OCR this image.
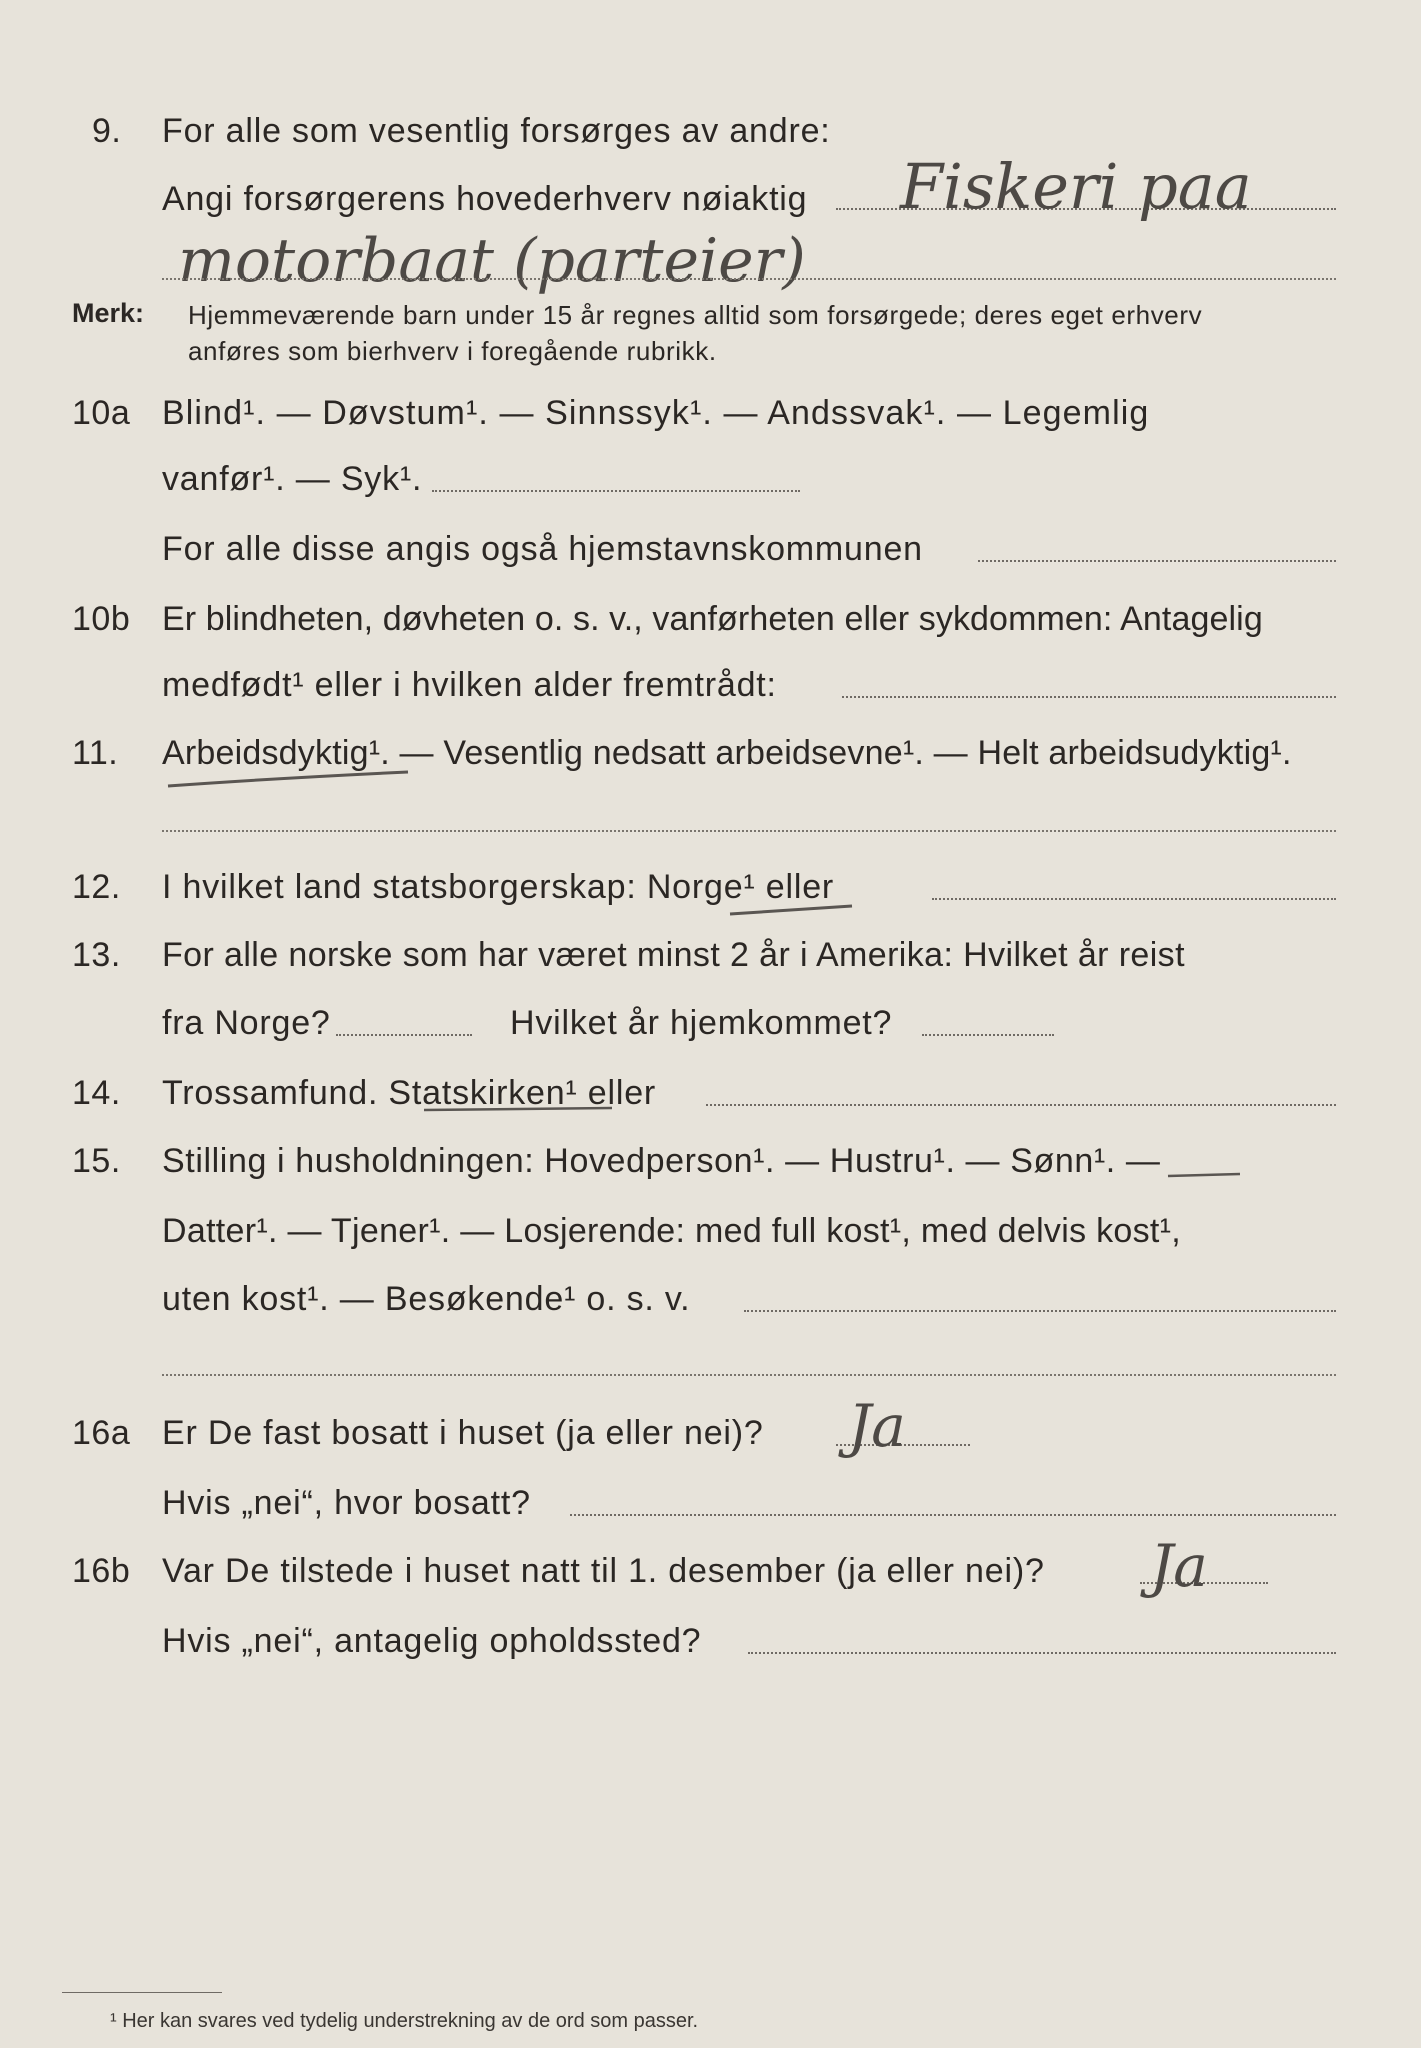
9. For alle som vesentlig forsørges av andre:
Angi forsørgerens hovederhverv nøiaktig Fiskeri paa
motorbaat (parteier)
Merk: Hjemmeværende barn under 15 år regnes alltid som forsørgede; deres eget erhverv
anføres som bierhverv i foregående rubrikk.
10a Blind¹. — Døvstum¹. — Sinnssyk¹. — Andssvak¹. — Legemlig
vanfør¹. — Syk¹.
For alle disse angis også hjemstavnskommunen
10b Er blindheten, døvheten o. s. v., vanførheten eller sykdommen: Antagelig
medfødt¹ eller i hvilken alder fremtrådt:
11. Arbeidsdyktig¹. — Vesentlig nedsatt arbeidsevne¹. — Helt arbeidsudyktig¹.
12. I hvilket land statsborgerskap: Norge¹ eller
13. For alle norske som har været minst 2 år i Amerika: Hvilket år reist
fra Norge?	Hvilket år hjemkommet?
14. Trossamfund. Statskirken¹ eller
15. Stilling i husholdningen: Hovedperson¹. — Hustru¹. — Sønn¹. —
Datter¹. — Tjener¹. — Losjerende: med full kost¹, med delvis kost¹,
uten kost¹. — Besøkende¹ o. s. v.
16a Er De fast bosatt i huset (ja eller nei)? Ja
Hvis „nei“, hvor bosatt?
16b Var De tilstede i huset natt til 1. desember (ja eller nei)? Ja
Hvis „nei“, antagelig opholdssted?
¹ Her kan svares ved tydelig understrekning av de ord som passer.
